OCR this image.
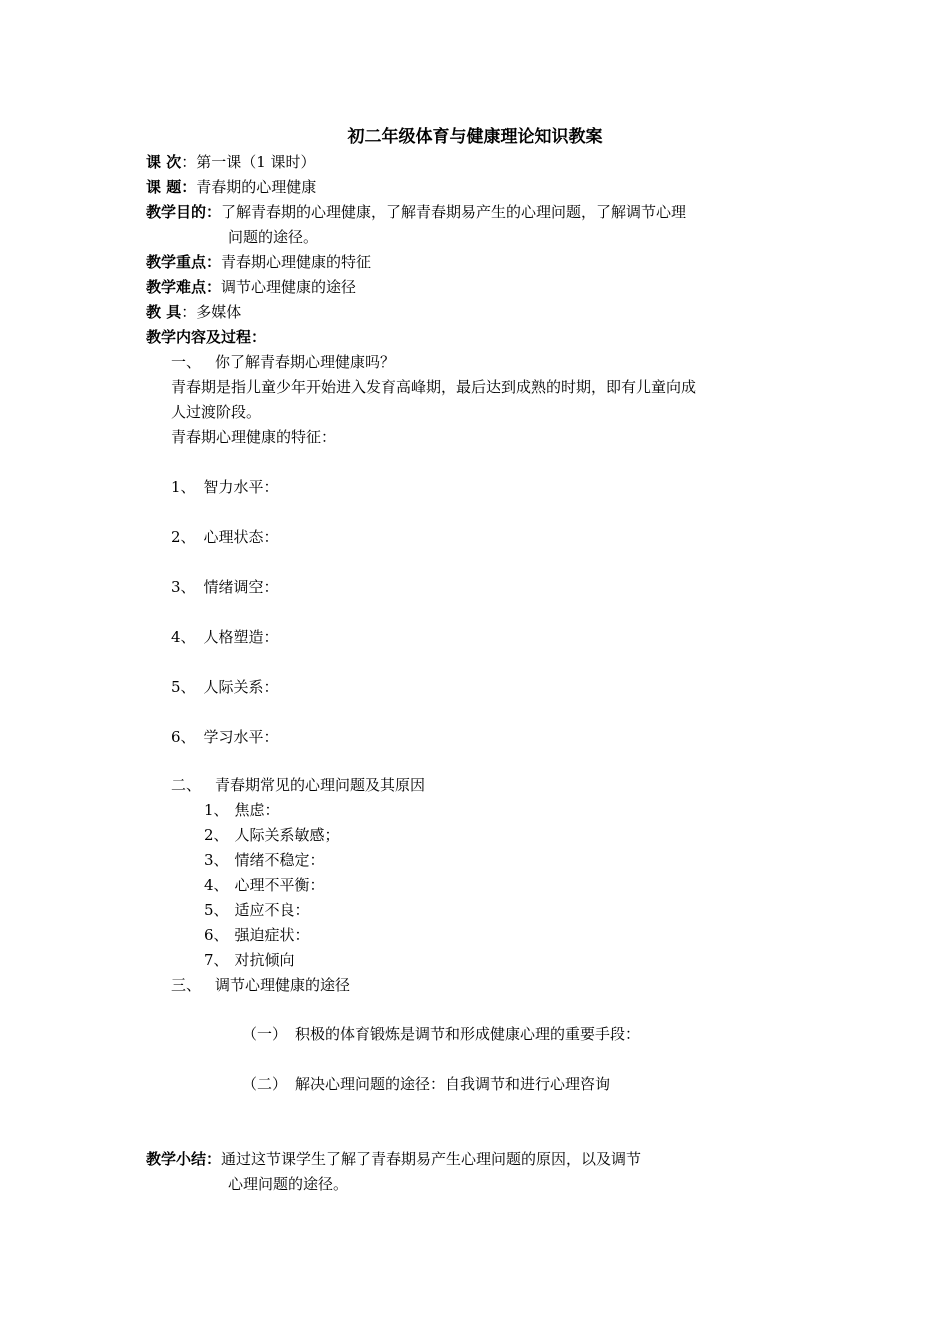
初二年级体育与健康理论知识教案
课 次：第一课（1 课时）
课 题：青春期的心理健康
教学目的：了解青春期的心理健康，了解青春期易产生的心理问题，了解调节心理
问题的途径。
教学重点：青春期心理健康的特征
教学难点：调节心理健康的途径
教 具：多媒体
教学内容及过程：
一、 你了解青春期心理健康吗？
青春期是指儿童少年开始进入发育高峰期，最后达到成熟的时期，即有儿童向成
人过渡阶段。
青春期心理健康的特征：
1、 智力水平：
2、 心理状态：
3、 情绪调空：
4、 人格塑造：
5、 人际关系：
6、 学习水平：
二、 青春期常见的心理问题及其原因
1、 焦虑：
2、 人际关系敏感；
3、 情绪不稳定：
4、 心理不平衡：
5、 适应不良：
6、 强迫症状：
7、 对抗倾向
三、 调节心理健康的途径
（一） 积极的体育锻炼是调节和形成健康心理的重要手段：
（二） 解决心理问题的途径：自我调节和进行心理咨询
教学小结：通过这节课学生了解了青春期易产生心理问题的原因，以及调节
心理问题的途径。
